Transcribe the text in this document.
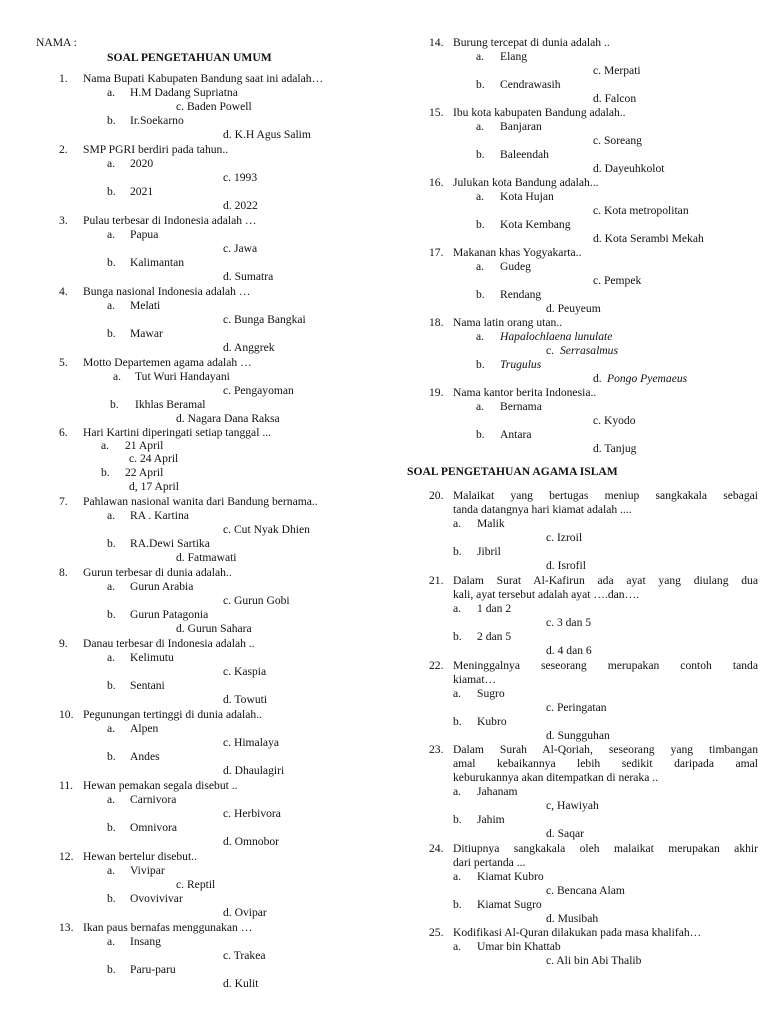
NAMA :
SOAL PENGETAHUAN UMUM
1. Nama Bupati Kabupaten Bandung saat ini adalah…
a. H.M Dadang Supriatna
c. Baden Powell
b. Ir.Soekarno
d. K.H Agus Salim
2. SMP PGRI berdiri pada tahun..
a. 2020
c. 1993
b. 2021
d. 2022
3. Pulau terbesar di Indonesia adalah …
a. Papua
c. Jawa
b. Kalimantan
d. Sumatra
4. Bunga nasional Indonesia adalah …
a. Melati
c. Bunga Bangkai
b. Mawar
d. Anggrek
5. Motto Departemen agama adalah …
a. Tut Wuri Handayani
c. Pengayoman
b. Ikhlas Beramal
d. Nagara Dana Raksa
6. Hari Kartini diperingati setiap tanggal ...
a. 21 April
c. 24 April
b. 22 April
d, 17 April
7. Pahlawan nasional wanita dari Bandung bernama..
a. RA . Kartina
c. Cut Nyak Dhien
b. RA.Dewi Sartika
d. Fatmawati
8. Gurun terbesar di dunia adalah..
a. Gurun Arabia
c. Gurun Gobi
b. Gurun Patagonia
d. Gurun Sahara
9. Danau terbesar di Indonesia adalah ..
a. Kelimutu
c. Kaspia
b. Sentani
d. Towuti
10. Pegunungan tertinggi di dunia adalah..
a. Alpen
c. Himalaya
b. Andes
d. Dhaulagiri
11. Hewan pemakan segala disebut ..
a. Carnivora
c. Herbivora
b. Omnivora
d. Omnobor
12. Hewan bertelur disebut..
a. Vivipar
c. Reptil
b. Ovovivivar
d. Ovipar
13. Ikan paus bernafas menggunakan …
a. Insang
c. Trakea
b. Paru-paru
d. Kulit
14. Burung tercepat di dunia adalah ..
a. Elang
c. Merpati
b. Cendrawasih
d. Falcon
15. Ibu kota kabupaten Bandung adalah..
a. Banjaran
c. Soreang
b. Baleendah
d. Dayeuhkolot
16. Julukan kota Bandung adalah...
a. Kota Hujan
c. Kota metropolitan
b. Kota Kembang
d. Kota Serambi Mekah
17. Makanan khas Yogyakarta..
a. Gudeg
c. Pempek
b. Rendang
d. Peuyeum
18. Nama latin orang utan..
a. Hapalochlaena lunulate
c. Serrasalmus
b. Trugulus
d. Pongo Pyemaeus
19. Nama kantor berita Indonesia..
a. Bernama
c. Kyodo
b. Antara
d. Tanjug
SOAL PENGETAHUAN AGAMA ISLAM
20. Malaikat yang bertugas meniup sangkakala sebagai
tanda datangnya hari kiamat adalah ....
a. Malik
c. Izroil
b. Jibril
d. Isrofil
21. Dalam Surat Al-Kafirun ada ayat yang diulang dua
kali, ayat tersebut adalah ayat ….dan….
a. 1 dan 2
c. 3 dan 5
b. 2 dan 5
d. 4 dan 6
22. Meninggalnya seseorang merupakan contoh tanda
kiamat…
a. Sugro
c. Peringatan
b. Kubro
d. Sungguhan
23. Dalam Surah Al-Qoriah, seseorang yang timbangan
amal kebaikannya lebih sedikit daripada amal
keburukannya akan ditempatkan di neraka ..
a. Jahanam
c, Hawiyah
b. Jahim
d. Saqar
24. Ditiupnya sangkakala oleh malaikat merupakan akhir
dari pertanda ...
a. Kiamat Kubro
c. Bencana Alam
b. Kiamat Sugro
d. Musibah
25. Kodifikasi Al-Quran dilakukan pada masa khalifah…
a. Umar bin Khattab
c. Ali bin Abi Thalib
